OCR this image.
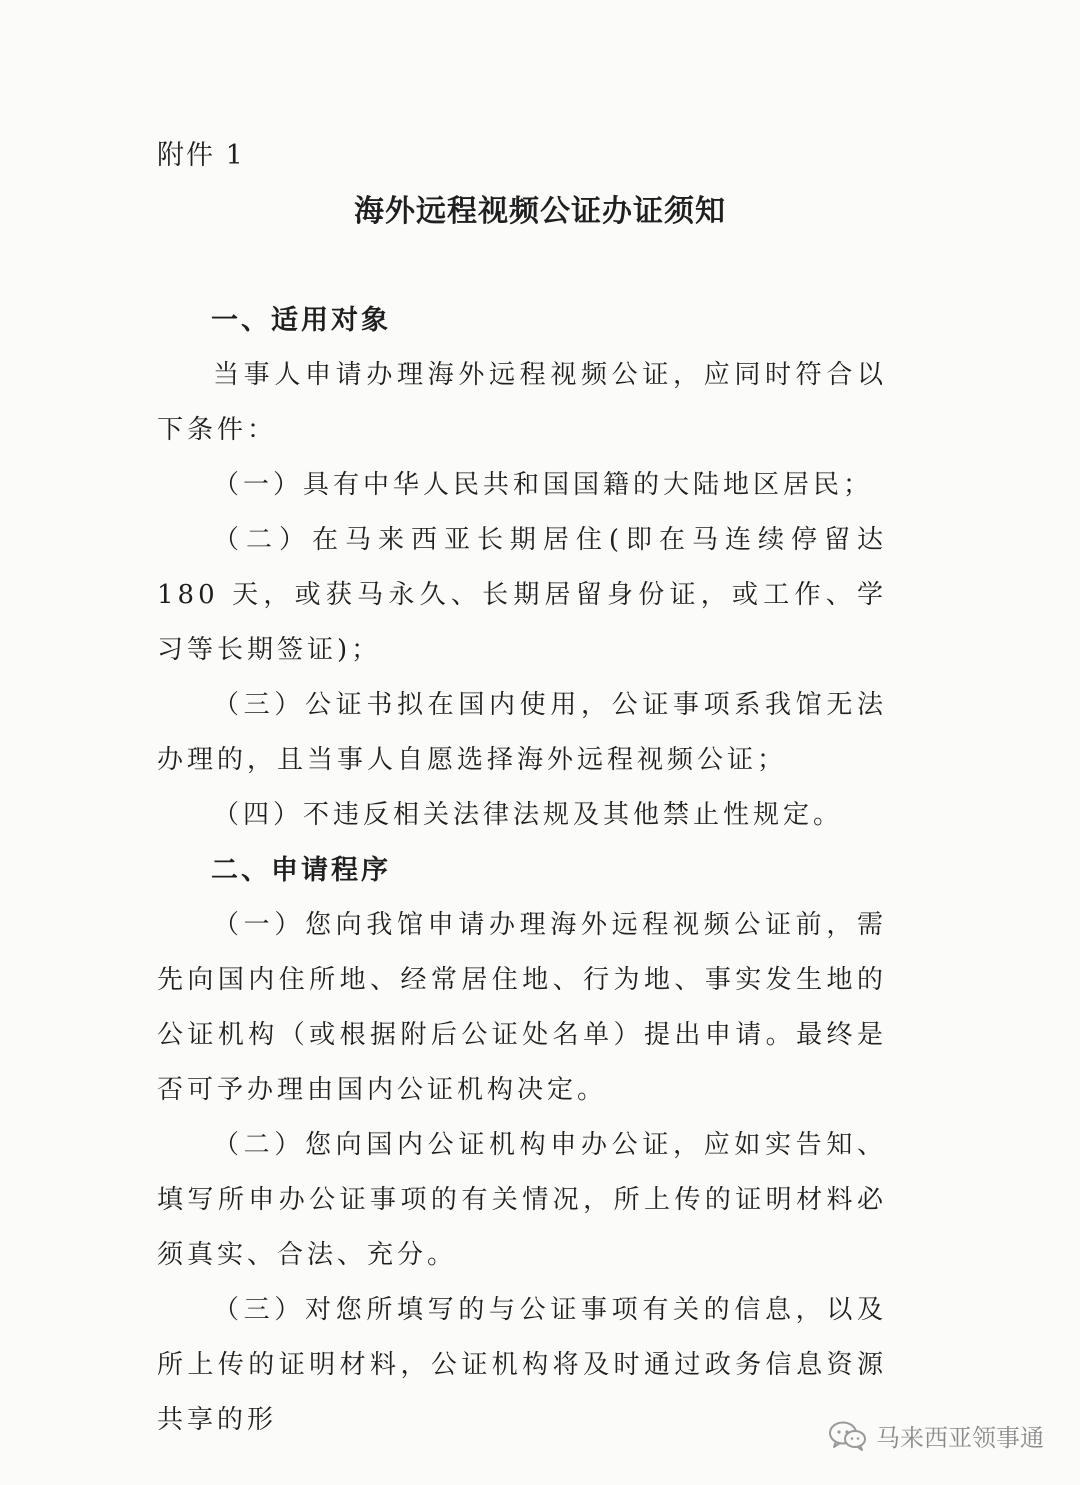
附件 1
海外远程视频公证办证须知

一、适用对象

当事人申请办理海外远程视频公证，应同时符合以下条件：

（一）具有中华人民共和国国籍的大陆地区居民；

（二）在马来西亚长期居住(即在马连续停留达 180 天，或获马永久、长期居留身份证，或工作、学习等长期签证)；

（三）公证书拟在国内使用，公证事项系我馆无法办理的，且当事人自愿选择海外远程视频公证；

（四）不违反相关法律法规及其他禁止性规定。

二、申请程序

（一）您向我馆申请办理海外远程视频公证前，需先向国内住所地、经常居住地、行为地、事实发生地的公证机构（或根据附后公证处名单）提出申请。最终是否可予办理由国内公证机构决定。

（二）您向国内公证机构申办公证，应如实告知、填写所申办公证事项的有关情况，所上传的证明材料必须真实、合法、充分。

（三）对您所填写的与公证事项有关的信息，以及所上传的证明材料，公证机构将及时通过政务信息资源共享的形

马来西亚领事通
